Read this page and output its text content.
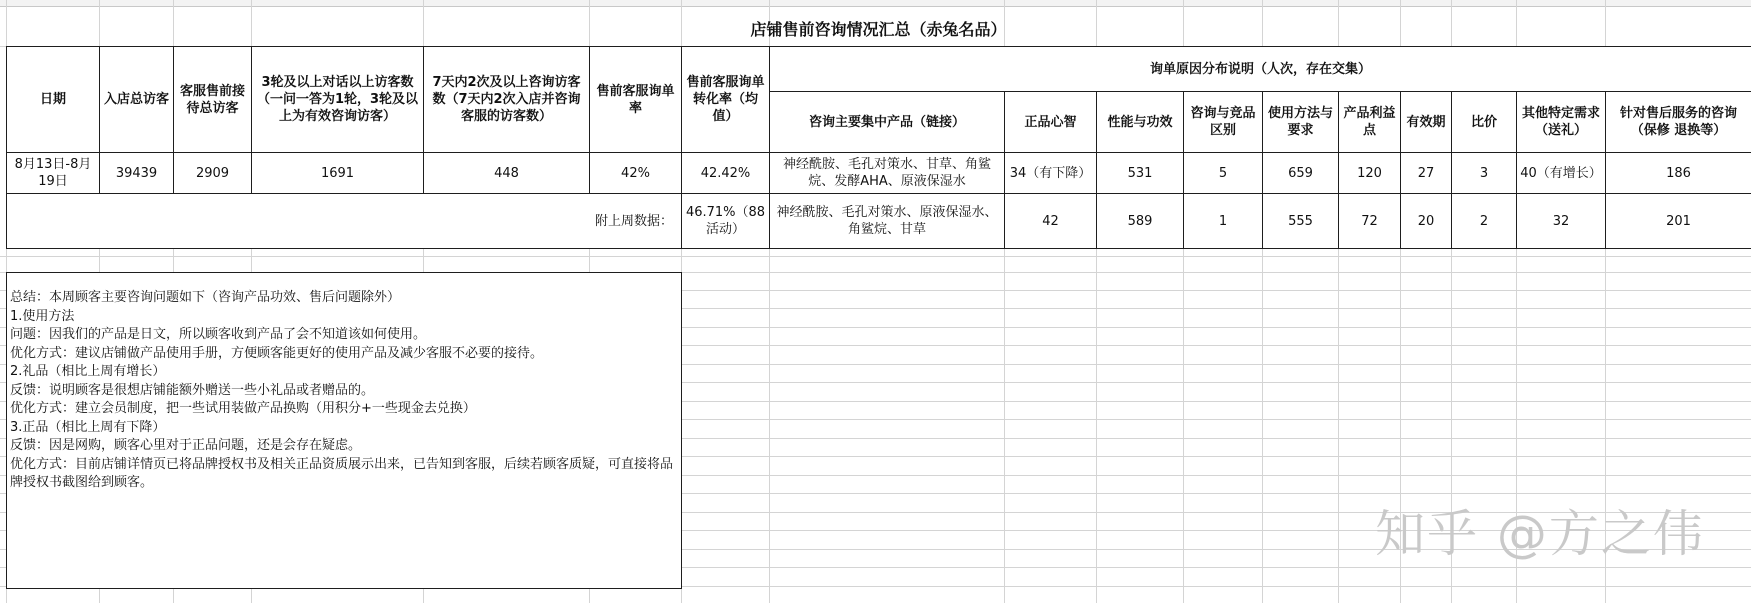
店铺售前咨询情况汇总（赤兔名品）
日期	入店总访客	客服售前接待总访客	3轮及以上对话以上访客数（一问一答为1轮，3轮及以上为有效咨询访客）	7天内2次及以上咨询访客数（7天内2次入店并咨询客服的访客数）	售前客服询单率	售前客服询单转化率（均值）	询单原因分布说明（人次，存在交集）									
							咨询主要集中产品（链接）	正品心智	性能与功效	咨询与竞品区别	使用方法与要求	产品利益点	有效期	比价	其他特定需求（送礼）	针对售后服务的咨询（保修 退换等）
8月13日-8月19日	39439	2909	1691	448	42%	42.42%	神经酰胺、毛孔对策水、甘草、角鲨烷、发酵AHA、原液保湿水	34（有下降）	531	5	659	120	27	3	40（有增长）	186
附上周数据：						46.71%（88活动）	神经酰胺、毛孔对策水、原液保湿水、角鲨烷、甘草	42	589	1	555	72	20	2	32	201
总结：本周顾客主要咨询问题如下（咨询产品功效、售后问题除外）
1.使用方法
问题：因我们的产品是日文，所以顾客收到产品了会不知道该如何使用。
优化方式：建议店铺做产品使用手册，方便顾客能更好的使用产品及减少客服不必要的接待。
2.礼品（相比上周有增长）
反馈：说明顾客是很想店铺能额外赠送一些小礼品或者赠品的。
优化方式：建立会员制度，把一些试用装做产品换购（用积分+一些现金去兑换）
3.正品（相比上周有下降）
反馈：因是网购，顾客心里对于正品问题，还是会存在疑虑。
优化方式：目前店铺详情页已将品牌授权书及相关正品资质展示出来，已告知到客服，后续若顾客质疑，可直接将品牌授权书截图给到顾客。
知乎 @方之伟
